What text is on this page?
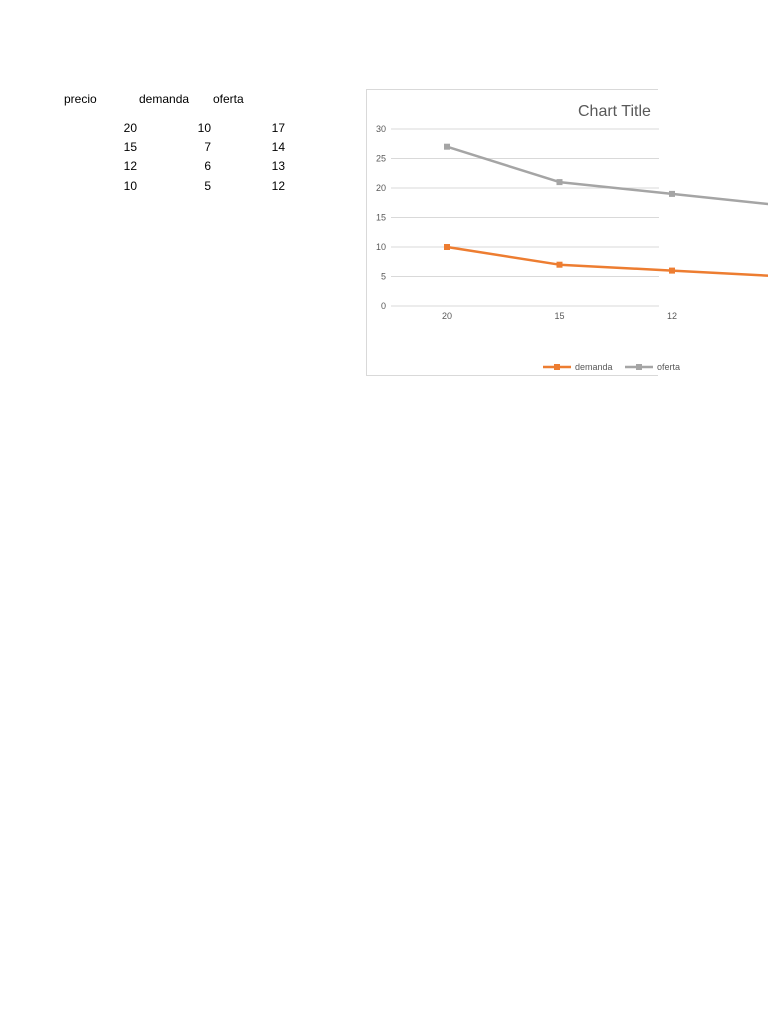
precio	demanda oferta
20	10	17
15	7	14
12	6	13
10	5	12
Chart Title
0
5
10
15
20
25
30
20	15	12
demanda	oferta
